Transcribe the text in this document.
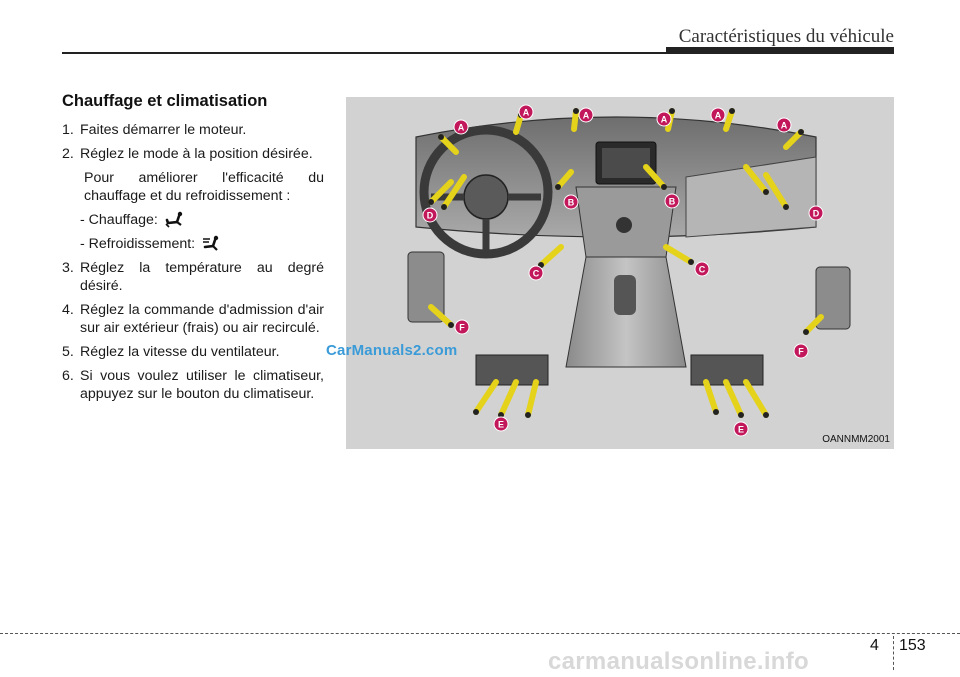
Caractéristiques du véhicule
Chauffage et climatisation
1. Faites démarrer le moteur.
2. Réglez le mode à la position désirée.
Pour améliorer l'efficacité du chauffage et du refroidissement :
- Chauffage:
- Refroidissement:
3. Réglez la température au degré désiré.
4. Réglez la commande d'admission d'air sur air extérieur (frais) ou air recirculé.
5. Réglez la vitesse du ventilateur.
6. Si vous voulez utiliser le climatiseur, appuyez sur le bouton du climatiseur.
A
A	A	A	A
A
B	B
C	C
D	D
E	E
F
F
OANNMM2001
CarManuals2.com
4 153
carmanualsonline.info
